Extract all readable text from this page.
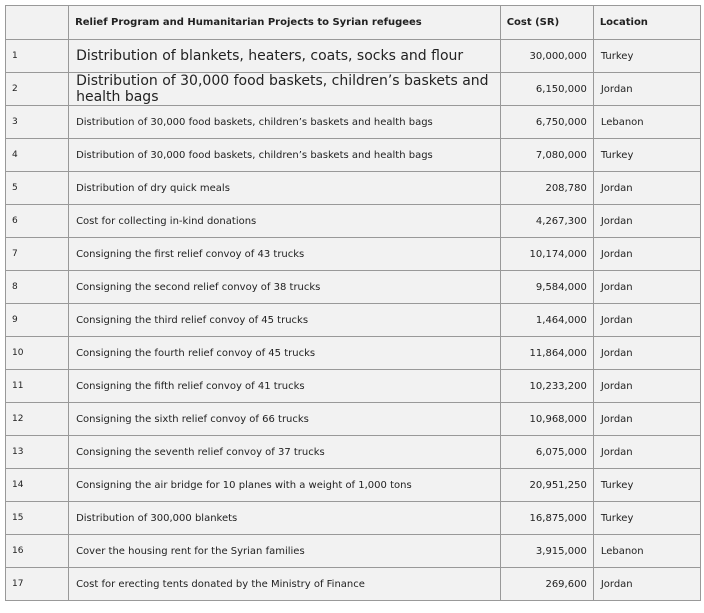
	Relief Program and Humanitarian Projects to Syrian refugees	Cost (SR)	Location
1	Distribution of blankets, heaters, coats, socks and flour	30,000,000	Turkey
2	Distribution of 30,000 food baskets, children’s baskets and health bags	6,150,000	Jordan
3	Distribution of 30,000 food baskets, children’s baskets and health bags	6,750,000	Lebanon
4	Distribution of 30,000 food baskets, children’s baskets and health bags	7,080,000	Turkey
5	Distribution of dry quick meals	208,780	Jordan
6	Cost for collecting in-kind donations	4,267,300	Jordan
7	Consigning the first relief convoy of 43 trucks	10,174,000	Jordan
8	Consigning the second relief convoy of 38 trucks	9,584,000	Jordan
9	Consigning the third relief convoy of 45 trucks	1,464,000	Jordan
10	Consigning the fourth relief convoy of 45 trucks	11,864,000	Jordan
11	Consigning the fifth relief convoy of 41 trucks	10,233,200	Jordan
12	Consigning the sixth relief convoy of 66 trucks	10,968,000	Jordan
13	Consigning the seventh relief convoy of 37 trucks	6,075,000	Jordan
14	Consigning the air bridge for 10 planes with a weight of 1,000 tons	20,951,250	Turkey
15	Distribution of 300,000 blankets	16,875,000	Turkey
16	Cover the housing rent for the Syrian families	3,915,000	Lebanon
17	Cost for erecting tents donated by the Ministry of Finance	269,600	Jordan
